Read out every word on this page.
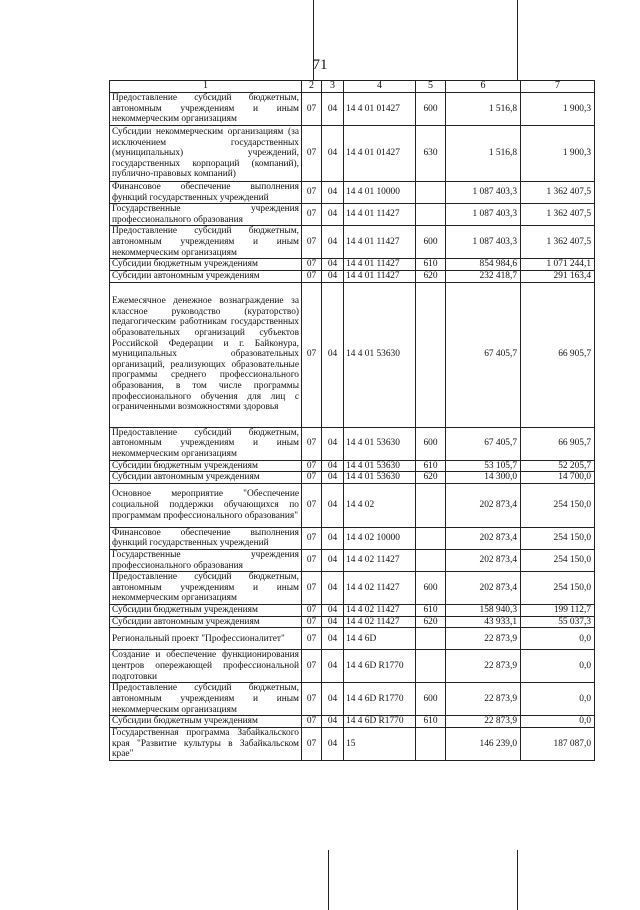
71
1	2	3	4	5	6	7
Предоставление субсидий бюджетным, автономным учреждениям и иным некоммерческим организациям	07	04	14 4 01 01427	600	1 516,8	1 900,3
Субсидии некоммерческим организациям (за исключением государственных (муниципальных) учреждений, государственных корпораций (компаний), публично-правовых компаний)	07	04	14 4 01 01427	630	1 516,8	1 900,3
Финансовое обеспечение выполнения функций государственных учреждений	07	04	14 4 01 10000		1 087 403,3	1 362 407,5
Государственные учреждения профессионального образования	07	04	14 4 01 11427		1 087 403,3	1 362 407,5
Предоставление субсидий бюджетным, автономным учреждениям и иным некоммерческим организациям	07	04	14 4 01 11427	600	1 087 403,3	1 362 407,5
Субсидии бюджетным учреждениям	07	04	14 4 01 11427	610	854 984,6	1 071 244,1
Субсидии автономным учреждениям	07	04	14 4 01 11427	620	232 418,7	291 163,4
Ежемесячное денежное вознаграждение за классное руководство (кураторство) педагогическим работникам государственных образовательных организаций субъектов Российской Федерации и г. Байконура, муниципальных образовательных организаций, реализующих образовательные программы среднего профессионального образования, в том числе программы профессионального обучения для лиц с ограниченными возможностями здоровья	07	04	14 4 01 53630		67 405,7	66 905,7
Предоставление субсидий бюджетным, автономным учреждениям и иным некоммерческим организациям	07	04	14 4 01 53630	600	67 405,7	66 905,7
Субсидии бюджетным учреждениям	07	04	14 4 01 53630	610	53 105,7	52 205,7
Субсидии автономным учреждениям	07	04	14 4 01 53630	620	14 300,0	14 700,0
Основное мероприятие "Обеспечение социальной поддержки обучающихся по программам профессионального образования"	07	04	14 4 02		202 873,4	254 150,0
Финансовое обеспечение выполнения функций государственных учреждений	07	04	14 4 02 10000		202 873,4	254 150,0
Государственные учреждения профессионального образования	07	04	14 4 02 11427		202 873,4	254 150,0
Предоставление субсидий бюджетным, автономным учреждениям и иным некоммерческим организациям	07	04	14 4 02 11427	600	202 873,4	254 150,0
Субсидии бюджетным учреждениям	07	04	14 4 02 11427	610	158 940,3	199 112,7
Субсидии автономным учреждениям	07	04	14 4 02 11427	620	43 933,1	55 037,3
Региональный проект "Профессионалитет"	07	04	14 4 6D		22 873,9	0,0
Создание и обеспечение функционирования центров опережающей профессиональной подготовки	07	04	14 4 6D R1770		22 873,9	0,0
Предоставление субсидий бюджетным, автономным учреждениям и иным некоммерческим организациям	07	04	14 4 6D R1770	600	22 873,9	0,0
Субсидии бюджетным учреждениям	07	04	14 4 6D R1770	610	22 873,9	0,0
Государственная программа Забайкальского края "Развитие культуры в Забайкальском крае"	07	04	15		146 239,0	187 087,0
